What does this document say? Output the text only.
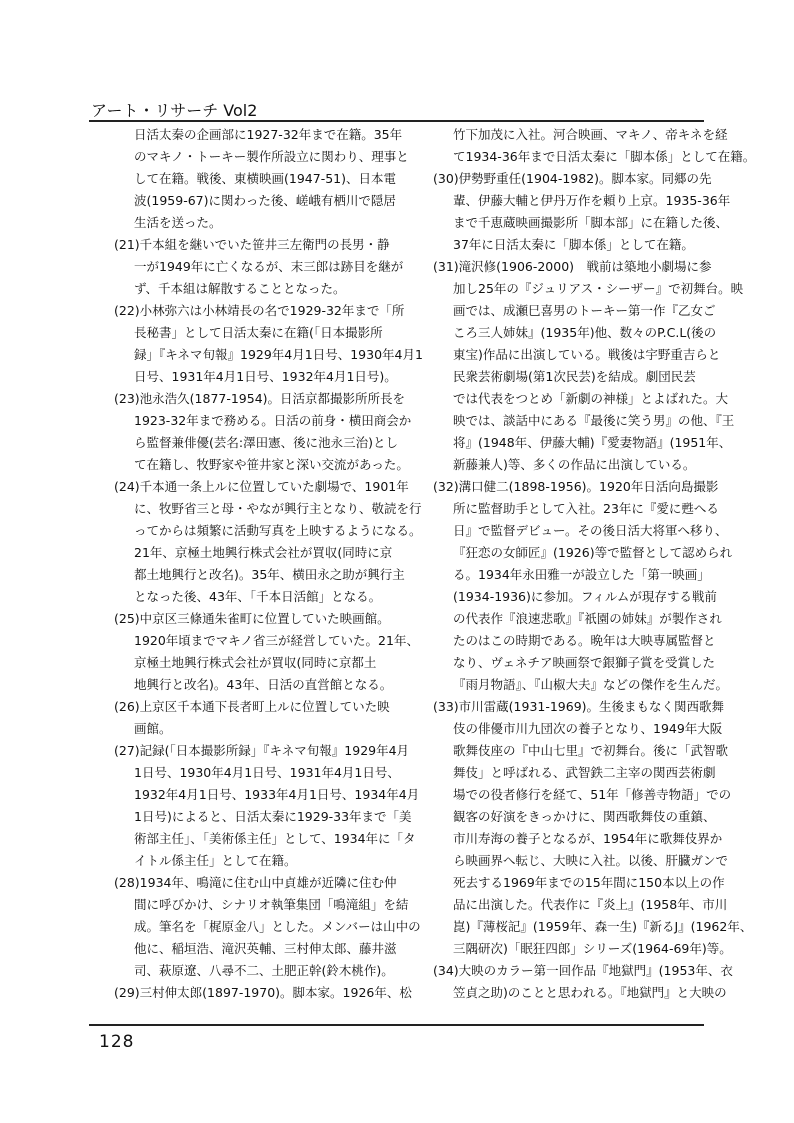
アート・リサーチ Vol2
日活太秦の企画部に1927-32年まで在籍。35年
のマキノ・トーキー製作所設立に関わり、理事と
して在籍。戦後、東横映画(1947-51)、日本電
波(1959-67)に関わった後、嵯峨有栖川で隠居
生活を送った。
(21)千本組を継いでいた笹井三左衛門の長男・静
一が1949年に亡くなるが、末三郎は跡目を継が
ず、千本組は解散することとなった。
(22)小林弥六は小林靖長の名で1929-32年まで「所
長秘書」として日活太秦に在籍(「日本撮影所
録」『キネマ旬報』1929年4月1日号、1930年4月1
日号、1931年4月1日号、1932年4月1日号)。
(23)池永浩久(1877-1954)。日活京都撮影所所長を
1923-32年まで務める。日活の前身・横田商会か
ら監督兼俳優(芸名:澤田憲、後に池永三治)とし
て在籍し、牧野家や笹井家と深い交流があった。
(24)千本通一条上ルに位置していた劇場で、1901年
に、牧野省三と母・やなが興行主となり、敬読を行
ってからは頻繁に活動写真を上映するようになる。
21年、京極土地興行株式会社が買収(同時に京
都土地興行と改名)。35年、横田永之助が興行主
となった後、43年、「千本日活館」となる。
(25)中京区三條通朱雀町に位置していた映画館。
1920年頃までマキノ省三が経営していた。21年、
京極土地興行株式会社が買収(同時に京都土
地興行と改名)。43年、日活の直営館となる。
(26)上京区千本通下長者町上ルに位置していた映
画館。
(27)記録(「日本撮影所録」『キネマ旬報』1929年4月
1日号、1930年4月1日号、1931年4月1日号、
1932年4月1日号、1933年4月1日号、1934年4月
1日号)によると、日活太秦に1929-33年まで「美
術部主任」、「美術係主任」として、1934年に「タ
イトル係主任」として在籍。
(28)1934年、鳴滝に住む山中貞雄が近隣に住む仲
間に呼びかけ、シナリオ執筆集団「鳴滝組」を結
成。筆名を「梶原金八」とした。メンバーは山中の
他に、稲垣浩、滝沢英輔、三村伸太郎、藤井滋
司、萩原遼、八尋不二、土肥正幹(鈴木桃作)。
(29)三村伸太郎(1897-1970)。脚本家。1926年、松
竹下加茂に入社。河合映画、マキノ、帝キネを経
て1934-36年まで日活太秦に「脚本係」として在籍。
(30)伊勢野重任(1904-1982)。脚本家。同郷の先
輩、伊藤大輔と伊丹万作を頼り上京。1935-36年
まで千恵蔵映画撮影所「脚本部」に在籍した後、
37年に日活太秦に「脚本係」として在籍。
(31)滝沢修(1906-2000)　戦前は築地小劇場に参
加し25年の『ジュリアス・シーザー』で初舞台。映
画では、成瀬巳喜男のトーキー第一作『乙女ご
ころ三人姉妹』(1935年)他、数々のP.C.L(後の
東宝)作品に出演している。戦後は宇野重吉らと
民衆芸術劇場(第1次民芸)を結成。劇団民芸
では代表をつとめ「新劇の神様」とよばれた。大
映では、談話中にある『最後に笑う男』の他、『王
将』(1948年、伊藤大輔)『愛妻物語』(1951年、
新藤兼人)等、多くの作品に出演している。
(32)溝口健二(1898-1956)。1920年日活向島撮影
所に監督助手として入社。23年に『愛に甦へる
日』で監督デビュー。その後日活大将軍へ移り、
『狂恋の女師匠』(1926)等で監督として認められ
る。1934年永田雅一が設立した「第一映画」
(1934-1936)に参加。フィルムが現存する戦前
の代表作『浪速悲歌』『祇園の姉妹』が製作され
たのはこの時期である。晩年は大映専属監督と
なり、ヴェネチア映画祭で銀獅子賞を受賞した
『雨月物語』、『山椒大夫』などの傑作を生んだ。
(33)市川雷蔵(1931-1969)。生後まもなく関西歌舞
伎の俳優市川九団次の養子となり、1949年大阪
歌舞伎座の『中山七里』で初舞台。後に「武智歌
舞伎」と呼ばれる、武智鉄二主宰の関西芸術劇
場での役者修行を経て、51年「修善寺物語」での
観客の好演をきっかけに、関西歌舞伎の重鎮、
市川寿海の養子となるが、1954年に歌舞伎界か
ら映画界へ転じ、大映に入社。以後、肝臓ガンで
死去する1969年までの15年間に150本以上の作
品に出演した。代表作に『炎上』(1958年、市川
崑)『薄桜記』(1959年、森一生)『新るJ』(1962年、
三隅研次)「眠狂四郎」シリーズ(1964-69年)等。
(34)大映のカラー第一回作品『地獄門』(1953年、衣
笠貞之助)のことと思われる。『地獄門』と大映の
128
